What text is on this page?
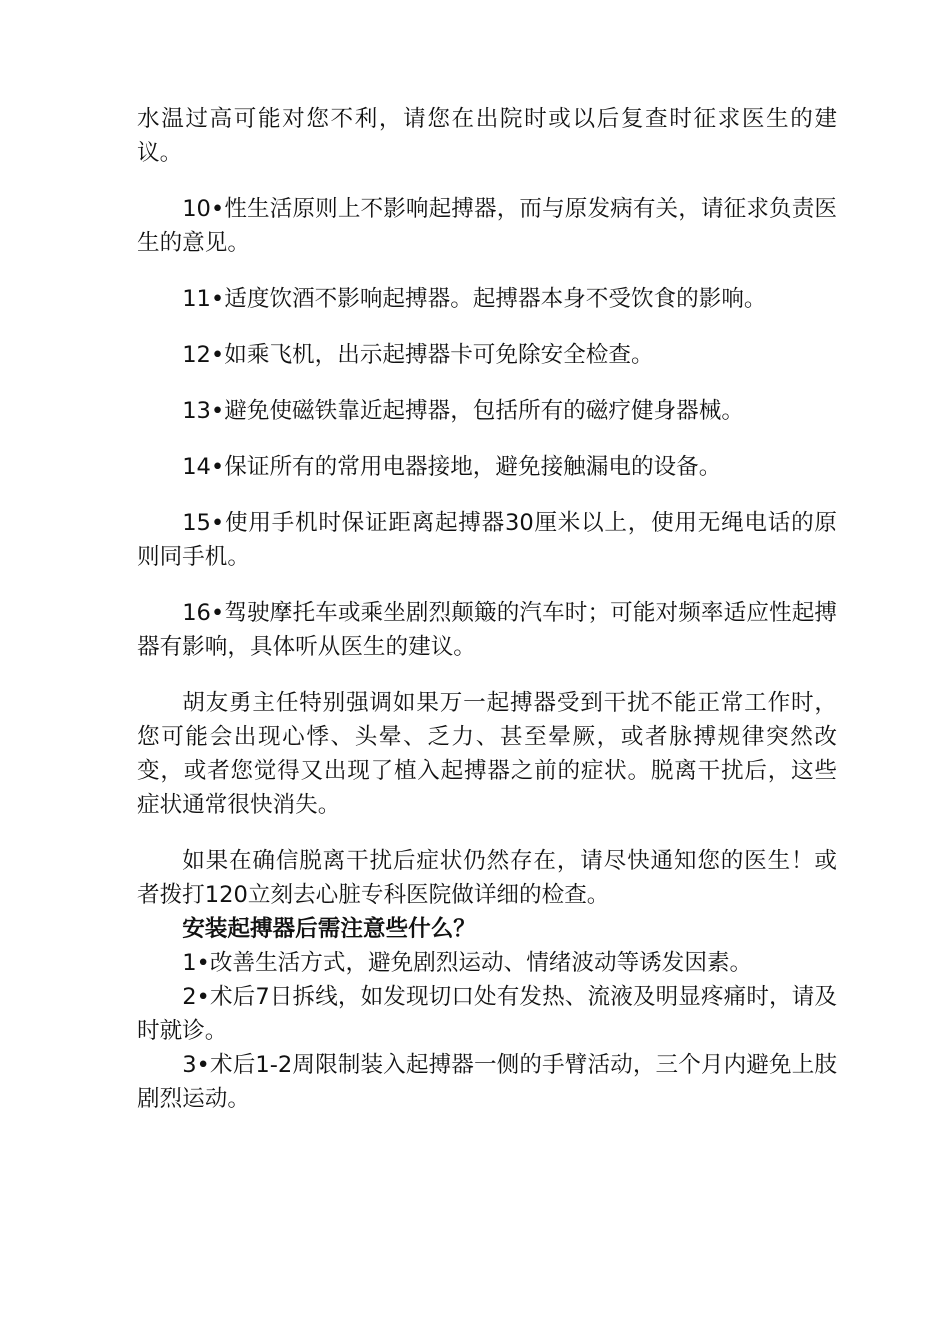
水温过高可能对您不利，请您在出院时或以后复查时征求医生的建议。

10•性生活原则上不影响起搏器，而与原发病有关，请征求负责医生的意见。

11•适度饮酒不影响起搏器。起搏器本身不受饮食的影响。

12•如乘飞机，出示起搏器卡可免除安全检查。

13•避免使磁铁靠近起搏器，包括所有的磁疗健身器械。

14•保证所有的常用电器接地，避免接触漏电的设备。

15•使用手机时保证距离起搏器30厘米以上，使用无绳电话的原则同手机。

16•驾驶摩托车或乘坐剧烈颠簸的汽车时；可能对频率适应性起搏器有影响，具体听从医生的建议。

胡友勇主任特别强调如果万一起搏器受到干扰不能正常工作时，您可能会出现心悸、头晕、乏力、甚至晕厥，或者脉搏规律突然改变，或者您觉得又出现了植入起搏器之前的症状。脱离干扰后，这些症状通常很快消失。

如果在确信脱离干扰后症状仍然存在，请尽快通知您的医生！或者拨打120立刻去心脏专科医院做详细的检查。

安装起搏器后需注意些什么？

1•改善生活方式，避免剧烈运动、情绪波动等诱发因素。

2•术后7日拆线，如发现切口处有发热、流液及明显疼痛时，请及时就诊。

3•术后1-2周限制装入起搏器一侧的手臂活动，三个月内避免上肢剧烈运动。
